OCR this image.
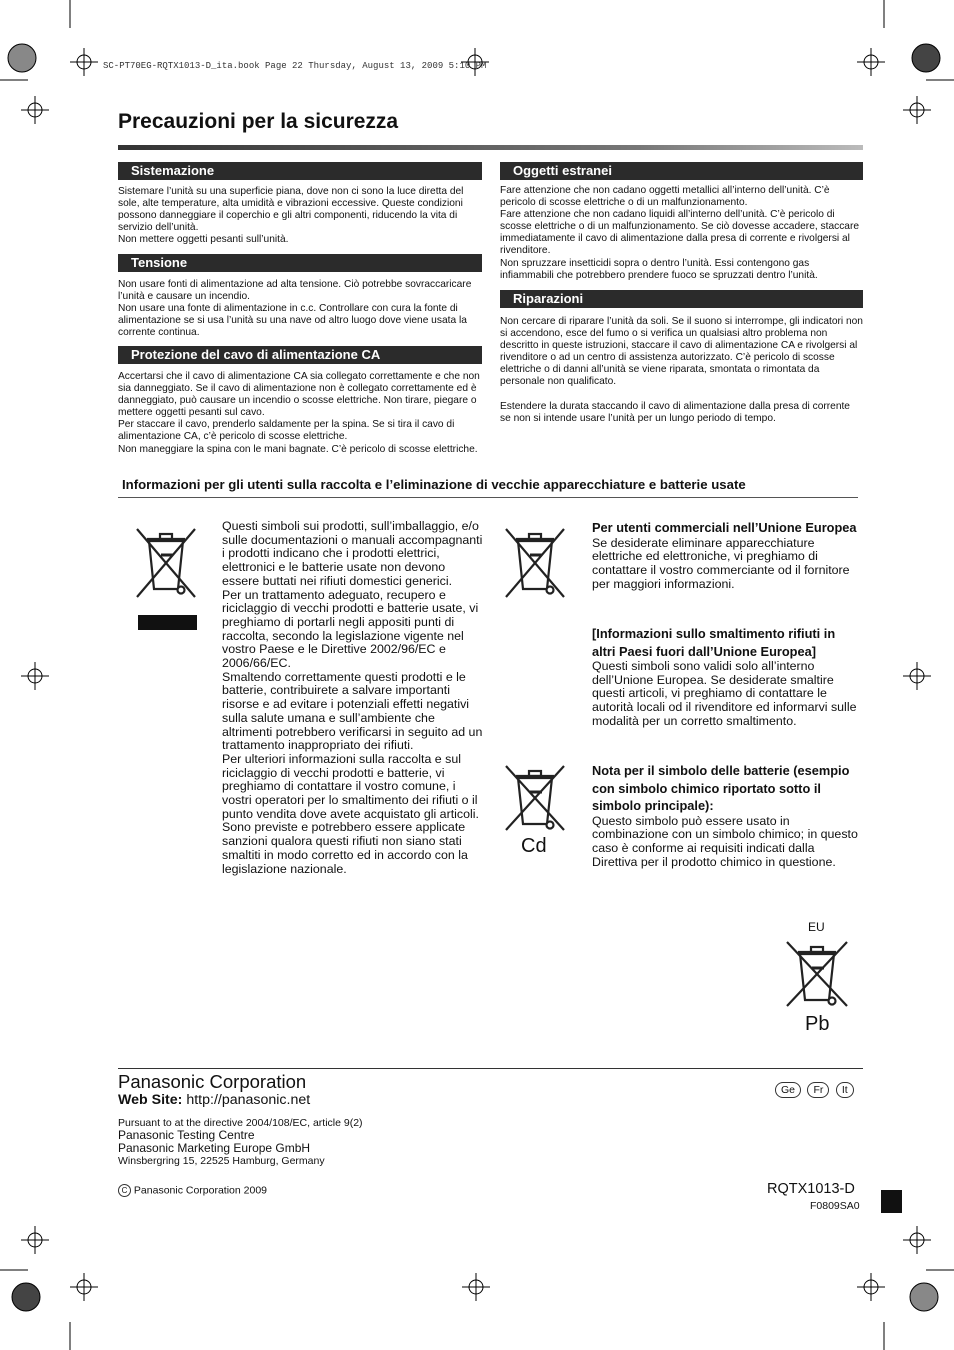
SC-PT70EG-RQTX1013-D_ita.book Page 22 Thursday, August 13, 2009 5:10 PM
Precauzioni per la sicurezza
Sistemazione

Sistemare l’unità su una superficie piana, dove non ci sono la luce diretta del sole, alte temperature, alta umidità e vibrazioni eccessive. Queste condizioni possono danneggiare il coperchio e gli altri componenti, riducendo la vita di servizio dell’unità.

Non mettere oggetti pesanti sull’unità.

Tensione

Non usare fonti di alimentazione ad alta tensione. Ciò potrebbe sovraccaricare l’unità e causare un incendio.

Non usare una fonte di alimentazione in c.c. Controllare con cura la fonte di alimentazione se si usa l’unità su una nave od altro luogo dove viene usata la corrente continua.

Protezione del cavo di alimentazione CA

Accertarsi che il cavo di alimentazione CA sia collegato correttamente e che non sia danneggiato. Se il cavo di alimentazione non è collegato correttamente ed è danneggiato, può causare un incendio o scosse elettriche. Non tirare, piegare o mettere oggetti pesanti sul cavo.

Per staccare il cavo, prenderlo saldamente per la spina. Se si tira il cavo di alimentazione CA, c’è pericolo di scosse elettriche.

Non maneggiare la spina con le mani bagnate. C’è pericolo di scosse elettriche.

Oggetti estranei

Fare attenzione che non cadano oggetti metallici all’interno dell’unità. C’è pericolo di scosse elettriche o di un malfunzionamento.

Fare attenzione che non cadano liquidi all’interno dell’unità. C’è pericolo di scosse elettriche o di un malfunzionamento. Se ciò dovesse accadere, staccare immediatamente il cavo di alimentazione dalla presa di corrente e rivolgersi al rivenditore.

Non spruzzare insetticidi sopra o dentro l’unità. Essi contengono gas infiammabili che potrebbero prendere fuoco se spruzzati dentro l’unità.

Riparazioni

Non cercare di riparare l’unità da soli. Se il suono si interrompe, gli indicatori non si accendono, esce del fumo o si verifica un qualsiasi altro problema non descritto in queste istruzioni, staccare il cavo di alimentazione CA e rivolgersi al rivenditore o ad un centro di assistenza autorizzato. C’è pericolo di scosse elettriche o di danni all’unità se viene riparata, smontata o rimontata da personale non qualificato.

Estendere la durata staccando il cavo di alimentazione dalla presa di corrente se non si intende usare l’unità per un lungo periodo di tempo.

Informazioni per gli utenti sulla raccolta e l’eliminazione di vecchie apparecchiature e batterie usate

Questi simboli sui prodotti, sull’imballaggio, e/o sulle documentazioni o manuali accompagnanti i prodotti indicano che i prodotti elettrici, elettronici e le batterie usate non devono essere buttati nei rifiuti domestici generici.

Per un trattamento adeguato, recupero e riciclaggio di vecchi prodotti e batterie usate, vi preghiamo di portarli negli appositi punti di raccolta, secondo la legislazione vigente nel vostro Paese e le Direttive 2002/96/EC e 2006/66/EC.

Smaltendo correttamente questi prodotti e le batterie, contribuirete a salvare importanti risorse e ad evitare i potenziali effetti negativi sulla salute umana e sull’ambiente che altrimenti potrebbero verificarsi in seguito ad un trattamento inappropriato dei rifiuti.

Per ulteriori informazioni sulla raccolta e sul riciclaggio di vecchi prodotti e batterie, vi preghiamo di contattare il vostro comune, i vostri operatori per lo smaltimento dei rifiuti o il punto vendita dove avete acquistato gli articoli.

Sono previste e potrebbero essere applicate sanzioni qualora questi rifiuti non siano stati smaltiti in modo corretto ed in accordo con la legislazione nazionale.

Per utenti commerciali nell’Unione Europea
Se desiderate eliminare apparecchiature elettriche ed elettroniche, vi preghiamo di contattare il vostro commerciante od il fornitore per maggiori informazioni.
[Informazioni sullo smaltimento rifiuti in altri Paesi fuori dall’Unione Europea]
Questi simboli sono validi solo all’interno dell’Unione Europea. Se desiderate smaltire questi articoli, vi preghiamo di contattare le autorità locali od il rivenditore ed informarvi sulle modalità per un corretto smaltimento.
Cd
Nota per il simbolo delle batterie (esempio con simbolo chimico riportato sotto il simbolo principale):
Questo simbolo può essere usato in combinazione con un simbolo chimico; in questo caso è conforme ai requisiti indicati dalla Direttiva per il prodotto chimico in questione.
EU
Pb
Panasonic Corporation
Web Site: http://panasonic.net
Ge Fr It
Pursuant to at the directive 2004/108/EC, article 9(2)
Panasonic Testing Centre
Panasonic Marketing Europe GmbH
Winsbergring 15, 22525 Hamburg, Germany
C Panasonic Corporation 2009	RQTX1013-D
F0809SA0
